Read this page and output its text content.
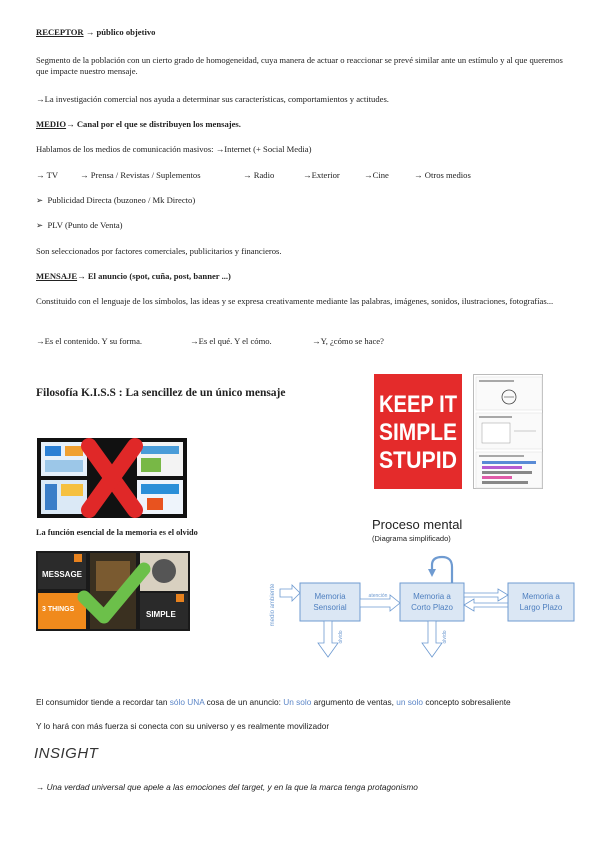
RECEPTOR → público objetivo
Segmento de la población con un cierto grado de homogeneidad, cuya manera de actuar o reaccionar se prevé similar ante un estímulo y al que queremos que impacte nuestro mensaje.
→La investigación comercial nos ayuda a determinar sus características, comportamientos y actitudes.
MEDIO→ Canal por el que se distribuyen los mensajes.
Hablamos de los medios de comunicación masivos: →Internet (+ Social Media)
→ TV	→ Prensa / Revistas / Suplementos	→ Radio	→Exterior	→Cine	→ Otros medios
➢  Publicidad Directa (buzoneo / Mk Directo)
➢  PLV (Punto de Venta)
Son seleccionados por factores comerciales, publicitarios y financieros.
MENSAJE→ El anuncio (spot, cuña, post, banner ...)
Constituido con el lenguaje de los símbolos, las ideas y se expresa creativamente mediante las palabras, imágenes, sonidos, ilustraciones, fotografías...
→Es el contenido. Y su forma.	→Es el qué. Y el cómo.	→Y, ¿cómo se hace?
Filosofía K.I.S.S : La sencillez de un único mensaje	KEEP IT
SIMPLE
STUPID
La función esencial de la memoria es el olvido
MESSAGE
3 THINGS
SIMPLE
Proceso mental
(Diagrama simplificado)
medio ambiente	Memoria
Sensorial
atención	Memoria a
Corto Plazo
Memoria a
Largo Plazo
olvido	olvido
El consumidor tiende a recordar tan sólo UNA cosa de un anuncio: Un solo argumento de ventas, un solo concepto sobresaliente
Y lo hará con más fuerza si conecta con su universo y es realmente movilizador
INSIGHT
→ Una verdad universal que apele a las emociones del target, y en la que la marca tenga protagonismo
